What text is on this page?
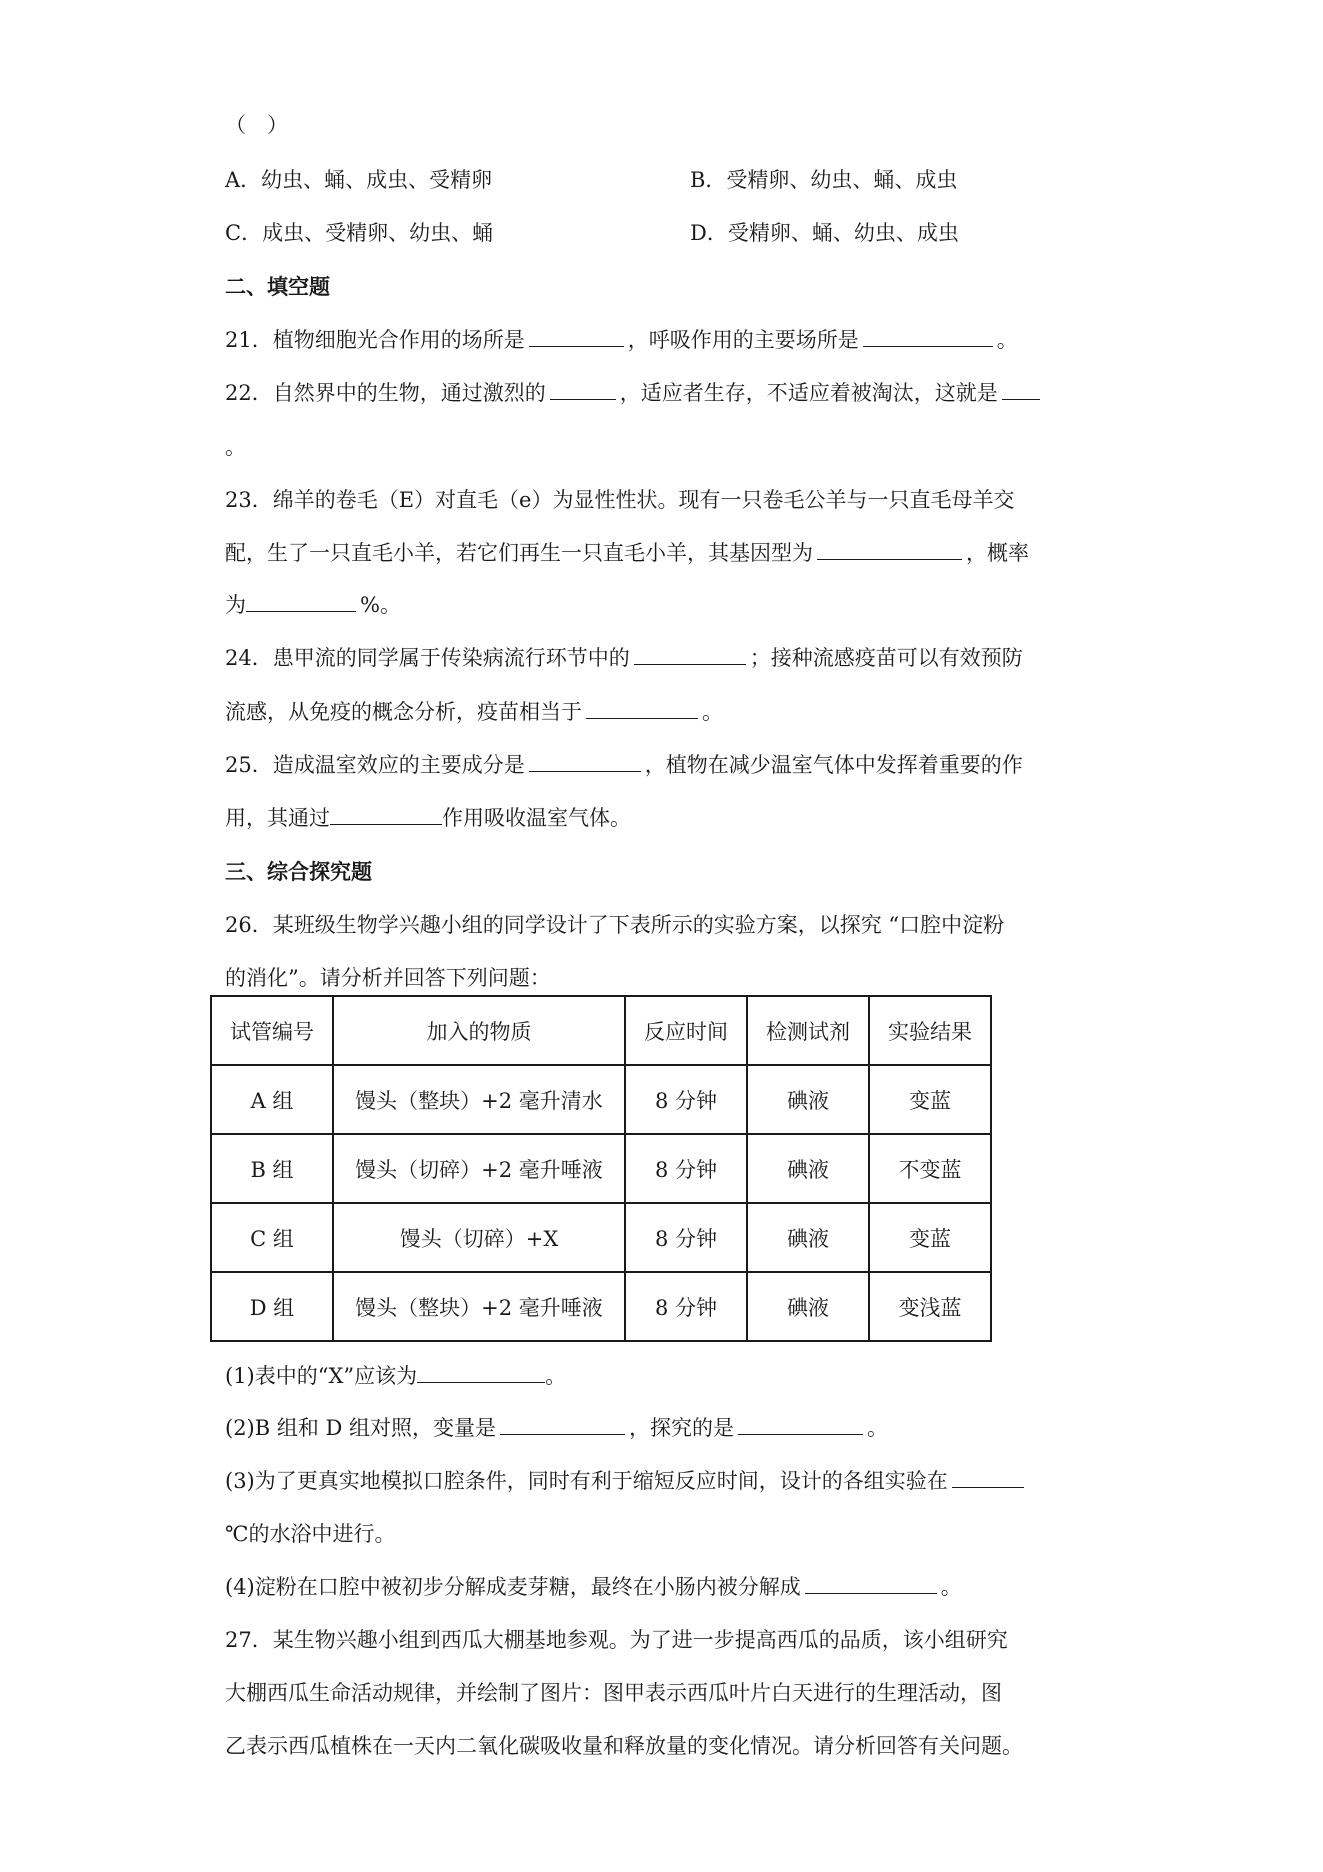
（　）
A．幼虫、蛹、成虫、受精卵	B．受精卵、幼虫、蛹、成虫
C．成虫、受精卵、幼虫、蛹	D．受精卵、蛹、幼虫、成虫
二、填空题
21．植物细胞光合作用的场所是	，呼吸作用的主要场所是	。
22．自然界中的生物，通过激烈的	，适应者生存，不适应着被淘汰，这就是
。
23．绵羊的卷毛（E）对直毛（e）为显性性状。现有一只卷毛公羊与一只直毛母羊交
配，生了一只直毛小羊，若它们再生一只直毛小羊，其基因型为	，概率
为	%。
24．患甲流的同学属于传染病流行环节中的	；接种流感疫苗可以有效预防
流感，从免疫的概念分析，疫苗相当于	。
25．造成温室效应的主要成分是	，植物在减少温室气体中发挥着重要的作
用，其通过	作用吸收温室气体。
三、综合探究题
26．某班级生物学兴趣小组的同学设计了下表所示的实验方案，以探究 “口腔中淀粉
的消化”。请分析并回答下列问题：
试管编号	加入的物质	反应时间	检测试剂	实验结果
A 组	馒头（整块）+2 毫升清水	8 分钟	碘液	变蓝
B 组	馒头（切碎）+2 毫升唾液	8 分钟	碘液	不变蓝
C 组	馒头（切碎）+X	8 分钟	碘液	变蓝
D 组	馒头（整块）+2 毫升唾液	8 分钟	碘液	变浅蓝
(1)表中的“X”应该为	。
(2)B 组和 D 组对照，变量是	，探究的是	。
(3)为了更真实地模拟口腔条件，同时有利于缩短反应时间，设计的各组实验在
℃的水浴中进行。
(4)淀粉在口腔中被初步分解成麦芽糖，最终在小肠内被分解成	。
27．某生物兴趣小组到西瓜大棚基地参观。为了进一步提高西瓜的品质，该小组研究
大棚西瓜生命活动规律，并绘制了图片：图甲表示西瓜叶片白天进行的生理活动，图
乙表示西瓜植株在一天内二氧化碳吸收量和释放量的变化情况。请分析回答有关问题。
